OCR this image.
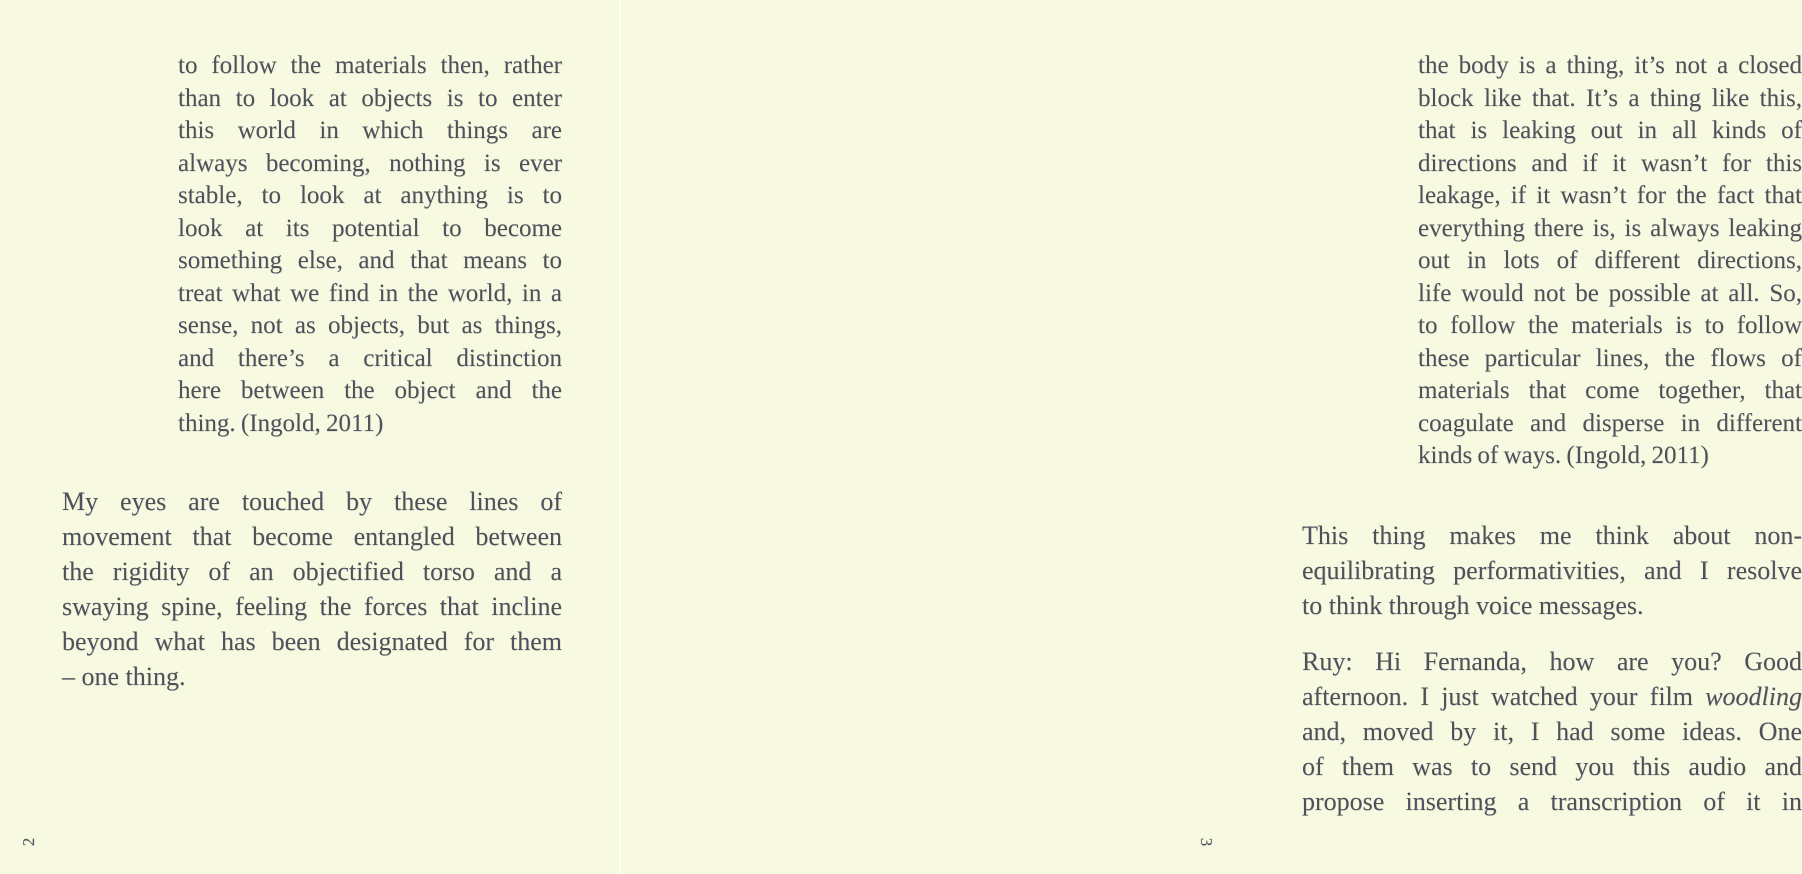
to follow the materials then, rather
than to look at objects is to enter
this world in which things are
always becoming, nothing is ever
stable, to look at anything is to
look at its potential to become
something else, and that means to
treat what we find in the world, in a
sense, not as objects, but as things,
and there’s a critical distinction
here between the object and the
thing. (Ingold, 2011)
My eyes are touched by these lines of
movement that become entangled between
the rigidity of an objectified torso and a
swaying spine, feeling the forces that incline
beyond what has been designated for them
– one thing.
the body is a thing, it’s not a closed
block like that. It’s a thing like this,
that is leaking out in all kinds of
directions and if it wasn’t for this
leakage, if it wasn’t for the fact that
everything there is, is always leaking
out in lots of different directions,
life would not be possible at all. So,
to follow the materials is to follow
these particular lines, the flows of
materials that come together, that
coagulate and disperse in different
kinds of ways. (Ingold, 2011)
This thing makes me think about non-
equilibrating performativities, and I resolve
to think through voice messages.
Ruy: Hi Fernanda, how are you? Good
afternoon. I just watched your film woodling
and, moved by it, I had some ideas. One
of them was to send you this audio and
propose inserting a transcription of it in
2	3
